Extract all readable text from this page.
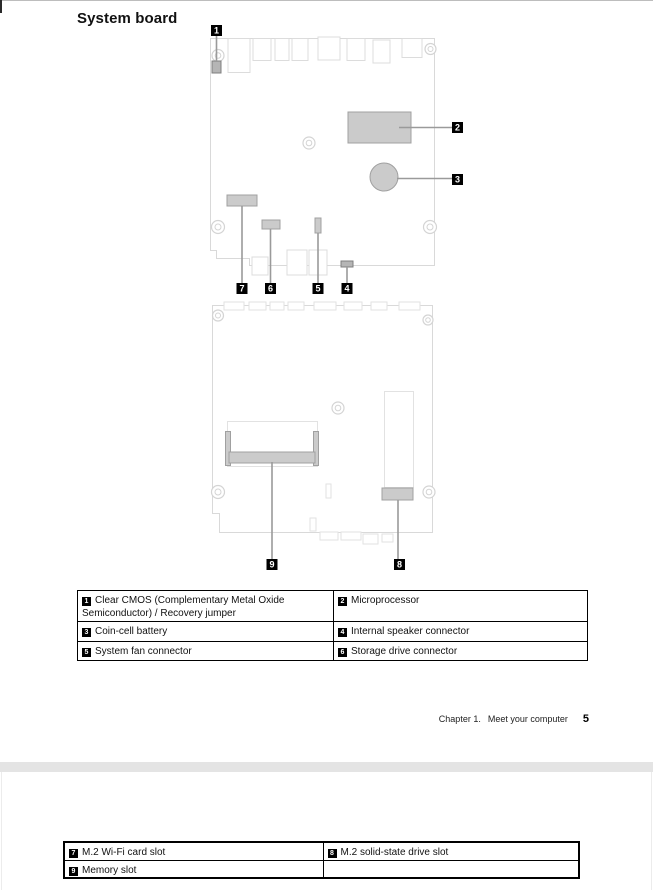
System board
1
2
3
7	6	5	4
9	8
1 Clear CMOS (Complementary Metal Oxide Semiconductor) / Recovery jumper	2 Microprocessor
3 Coin-cell battery	4 Internal speaker connector
5 System fan connector	6 Storage drive connector
Chapter 1. Meet your computer 5
7 M.2 Wi-Fi card slot	8 M.2 solid-state drive slot
9 Memory slot	
